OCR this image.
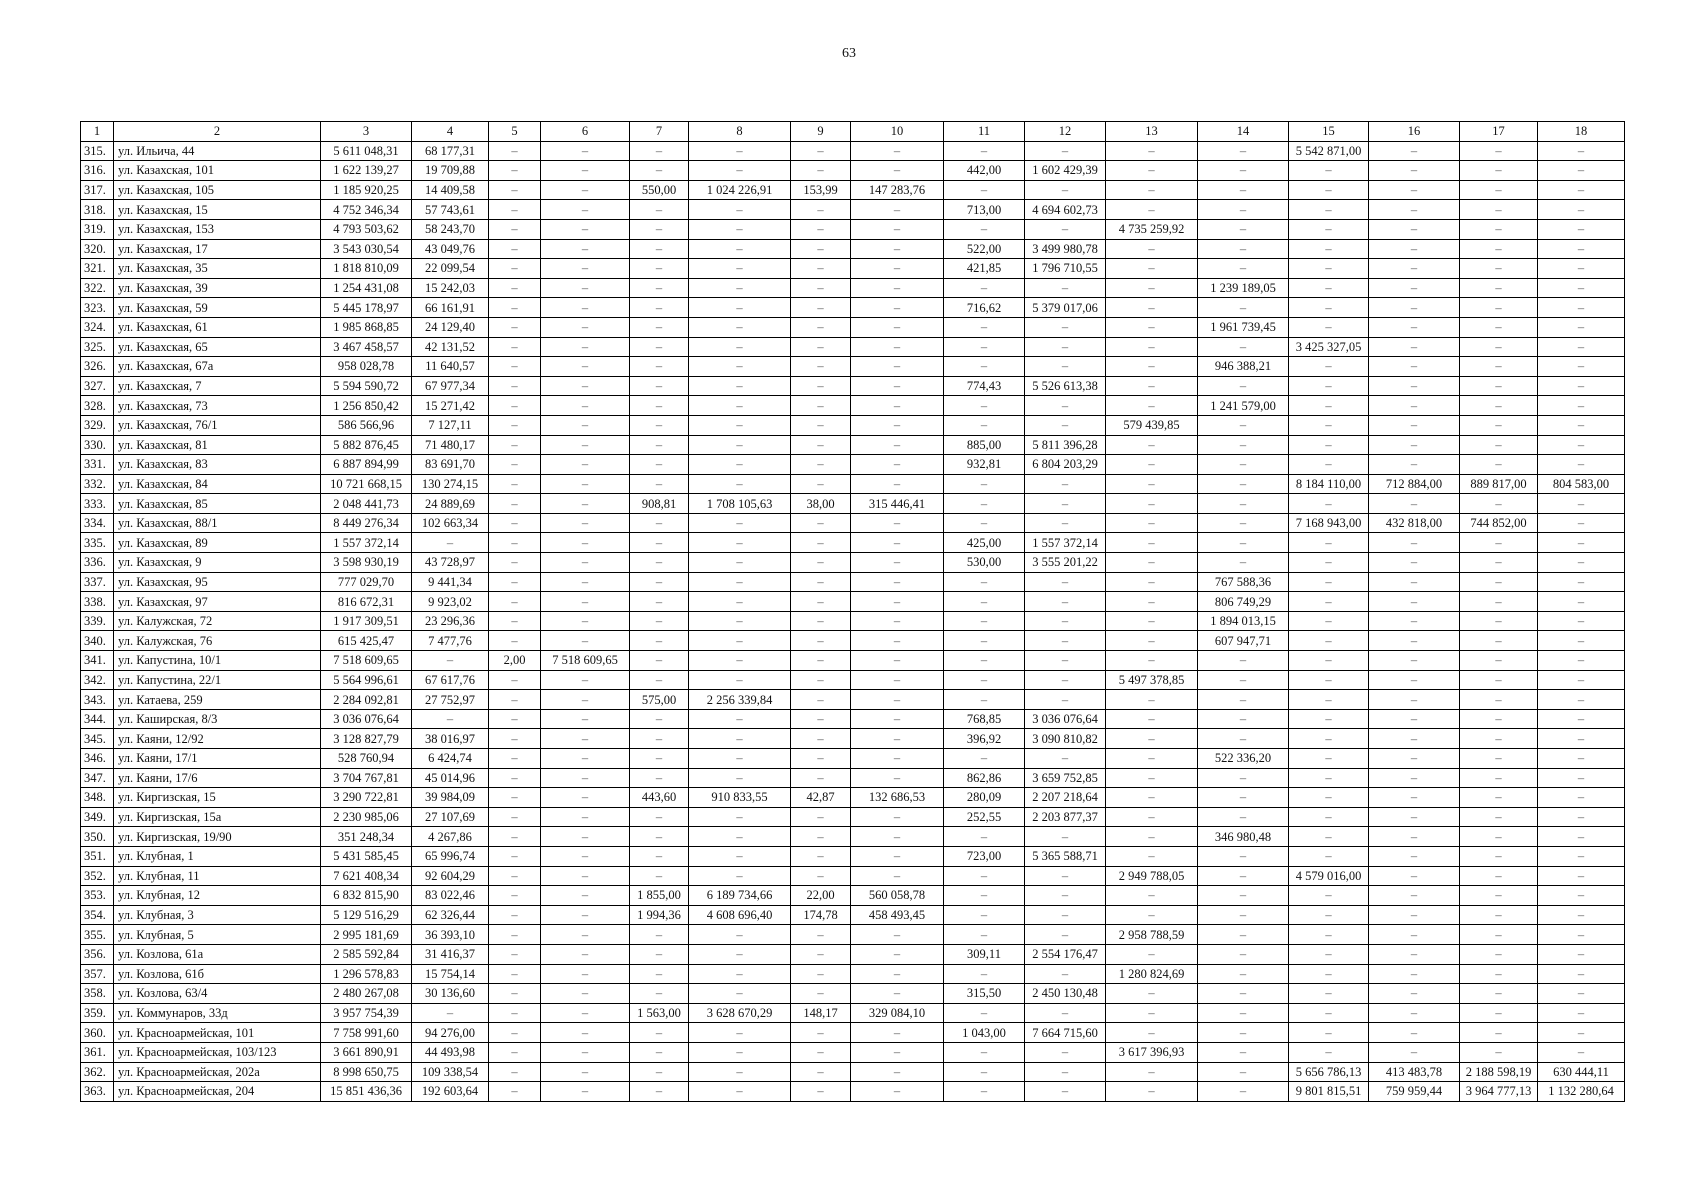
63
1	2	3	4	5	6	7	8	9	10	11	12	13	14	15	16	17	18
315.	ул. Ильича, 44	5 611 048,31	68 177,31	–	–	–	–	–	–	–	–	–	–	5 542 871,00	–	–	–
316.	ул. Казахская, 101	1 622 139,27	19 709,88	–	–	–	–	–	–	442,00	1 602 429,39	–	–	–	–	–	–
317.	ул. Казахская, 105	1 185 920,25	14 409,58	–	–	550,00	1 024 226,91	153,99	147 283,76	–	–	–	–	–	–	–	–
318.	ул. Казахская, 15	4 752 346,34	57 743,61	–	–	–	–	–	–	713,00	4 694 602,73	–	–	–	–	–	–
319.	ул. Казахская, 153	4 793 503,62	58 243,70	–	–	–	–	–	–	–	–	4 735 259,92	–	–	–	–	–
320.	ул. Казахская, 17	3 543 030,54	43 049,76	–	–	–	–	–	–	522,00	3 499 980,78	–	–	–	–	–	–
321.	ул. Казахская, 35	1 818 810,09	22 099,54	–	–	–	–	–	–	421,85	1 796 710,55	–	–	–	–	–	–
322.	ул. Казахская, 39	1 254 431,08	15 242,03	–	–	–	–	–	–	–	–	–	1 239 189,05	–	–	–	–
323.	ул. Казахская, 59	5 445 178,97	66 161,91	–	–	–	–	–	–	716,62	5 379 017,06	–	–	–	–	–	–
324.	ул. Казахская, 61	1 985 868,85	24 129,40	–	–	–	–	–	–	–	–	–	1 961 739,45	–	–	–	–
325.	ул. Казахская, 65	3 467 458,57	42 131,52	–	–	–	–	–	–	–	–	–	–	3 425 327,05	–	–	–
326.	ул. Казахская, 67а	958 028,78	11 640,57	–	–	–	–	–	–	–	–	–	946 388,21	–	–	–	–
327.	ул. Казахская, 7	5 594 590,72	67 977,34	–	–	–	–	–	–	774,43	5 526 613,38	–	–	–	–	–	–
328.	ул. Казахская, 73	1 256 850,42	15 271,42	–	–	–	–	–	–	–	–	–	1 241 579,00	–	–	–	–
329.	ул. Казахская, 76/1	586 566,96	7 127,11	–	–	–	–	–	–	–	–	579 439,85	–	–	–	–	–
330.	ул. Казахская, 81	5 882 876,45	71 480,17	–	–	–	–	–	–	885,00	5 811 396,28	–	–	–	–	–	–
331.	ул. Казахская, 83	6 887 894,99	83 691,70	–	–	–	–	–	–	932,81	6 804 203,29	–	–	–	–	–	–
332.	ул. Казахская, 84	10 721 668,15	130 274,15	–	–	–	–	–	–	–	–	–	–	8 184 110,00	712 884,00	889 817,00	804 583,00
333.	ул. Казахская, 85	2 048 441,73	24 889,69	–	–	908,81	1 708 105,63	38,00	315 446,41	–	–	–	–	–	–	–	–
334.	ул. Казахская, 88/1	8 449 276,34	102 663,34	–	–	–	–	–	–	–	–	–	–	7 168 943,00	432 818,00	744 852,00	–
335.	ул. Казахская, 89	1 557 372,14	–	–	–	–	–	–	–	425,00	1 557 372,14	–	–	–	–	–	–
336.	ул. Казахская, 9	3 598 930,19	43 728,97	–	–	–	–	–	–	530,00	3 555 201,22	–	–	–	–	–	–
337.	ул. Казахская, 95	777 029,70	9 441,34	–	–	–	–	–	–	–	–	–	767 588,36	–	–	–	–
338.	ул. Казахская, 97	816 672,31	9 923,02	–	–	–	–	–	–	–	–	–	806 749,29	–	–	–	–
339.	ул. Калужская, 72	1 917 309,51	23 296,36	–	–	–	–	–	–	–	–	–	1 894 013,15	–	–	–	–
340.	ул. Калужская, 76	615 425,47	7 477,76	–	–	–	–	–	–	–	–	–	607 947,71	–	–	–	–
341.	ул. Капустина, 10/1	7 518 609,65	–	2,00	7 518 609,65	–	–	–	–	–	–	–	–	–	–	–	–
342.	ул. Капустина, 22/1	5 564 996,61	67 617,76	–	–	–	–	–	–	–	–	5 497 378,85	–	–	–	–	–
343.	ул. Катаева, 259	2 284 092,81	27 752,97	–	–	575,00	2 256 339,84	–	–	–	–	–	–	–	–	–	–
344.	ул. Каширская, 8/3	3 036 076,64	–	–	–	–	–	–	–	768,85	3 036 076,64	–	–	–	–	–	–
345.	ул. Каяни, 12/92	3 128 827,79	38 016,97	–	–	–	–	–	–	396,92	3 090 810,82	–	–	–	–	–	–
346.	ул. Каяни, 17/1	528 760,94	6 424,74	–	–	–	–	–	–	–	–	–	522 336,20	–	–	–	–
347.	ул. Каяни, 17/6	3 704 767,81	45 014,96	–	–	–	–	–	–	862,86	3 659 752,85	–	–	–	–	–	–
348.	ул. Киргизская, 15	3 290 722,81	39 984,09	–	–	443,60	910 833,55	42,87	132 686,53	280,09	2 207 218,64	–	–	–	–	–	–
349.	ул. Киргизская, 15а	2 230 985,06	27 107,69	–	–	–	–	–	–	252,55	2 203 877,37	–	–	–	–	–	–
350.	ул. Киргизская, 19/90	351 248,34	4 267,86	–	–	–	–	–	–	–	–	–	346 980,48	–	–	–	–
351.	ул. Клубная, 1	5 431 585,45	65 996,74	–	–	–	–	–	–	723,00	5 365 588,71	–	–	–	–	–	–
352.	ул. Клубная, 11	7 621 408,34	92 604,29	–	–	–	–	–	–	–	–	2 949 788,05	–	4 579 016,00	–	–	–
353.	ул. Клубная, 12	6 832 815,90	83 022,46	–	–	1 855,00	6 189 734,66	22,00	560 058,78	–	–	–	–	–	–	–	–
354.	ул. Клубная, 3	5 129 516,29	62 326,44	–	–	1 994,36	4 608 696,40	174,78	458 493,45	–	–	–	–	–	–	–	–
355.	ул. Клубная, 5	2 995 181,69	36 393,10	–	–	–	–	–	–	–	–	2 958 788,59	–	–	–	–	–
356.	ул. Козлова, 61а	2 585 592,84	31 416,37	–	–	–	–	–	–	309,11	2 554 176,47	–	–	–	–	–	–
357.	ул. Козлова, 61б	1 296 578,83	15 754,14	–	–	–	–	–	–	–	–	1 280 824,69	–	–	–	–	–
358.	ул. Козлова, 63/4	2 480 267,08	30 136,60	–	–	–	–	–	–	315,50	2 450 130,48	–	–	–	–	–	–
359.	ул. Коммунаров, 33д	3 957 754,39	–	–	–	1 563,00	3 628 670,29	148,17	329 084,10	–	–	–	–	–	–	–	–
360.	ул. Красноармейская, 101	7 758 991,60	94 276,00	–	–	–	–	–	–	1 043,00	7 664 715,60	–	–	–	–	–	–
361.	ул. Красноармейская, 103/123	3 661 890,91	44 493,98	–	–	–	–	–	–	–	–	3 617 396,93	–	–	–	–	–
362.	ул. Красноармейская, 202а	8 998 650,75	109 338,54	–	–	–	–	–	–	–	–	–	–	5 656 786,13	413 483,78	2 188 598,19	630 444,11
363.	ул. Красноармейская, 204	15 851 436,36	192 603,64	–	–	–	–	–	–	–	–	–	–	9 801 815,51	759 959,44	3 964 777,13	1 132 280,64
